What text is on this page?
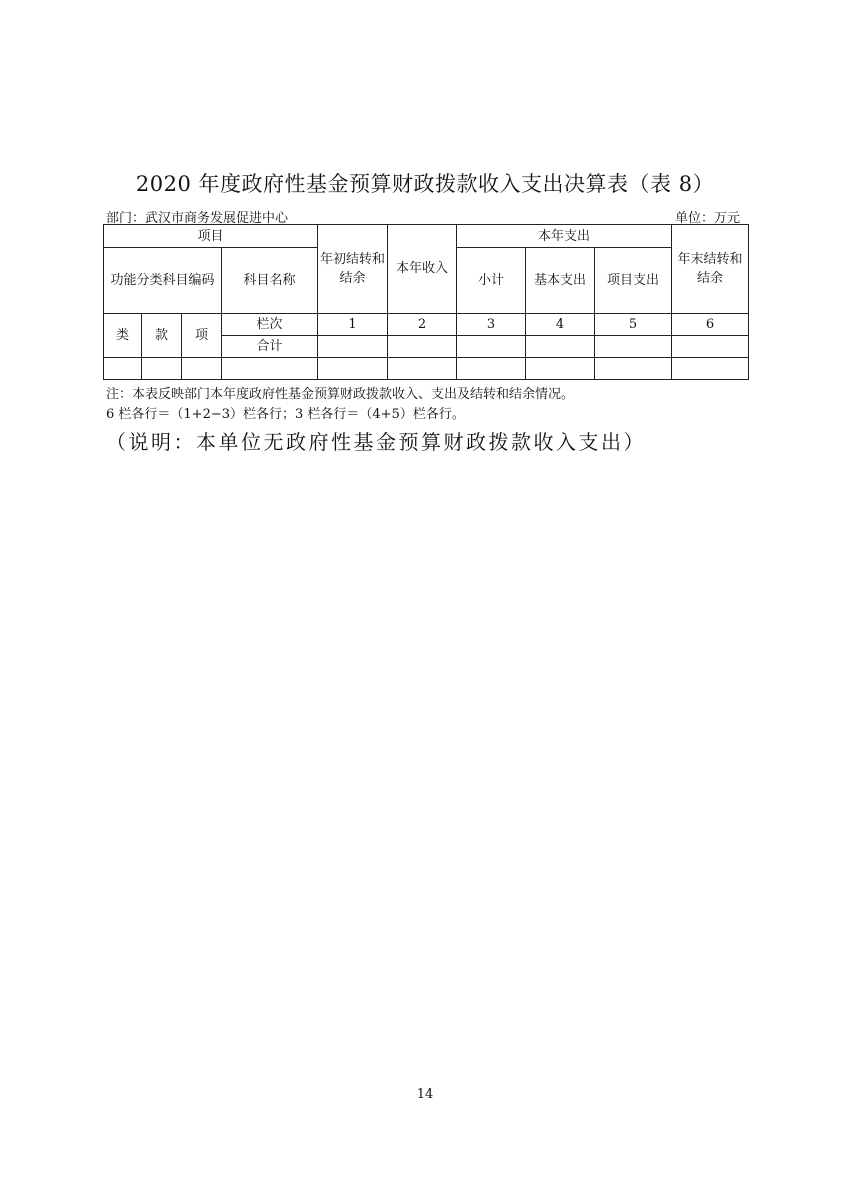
2020 年度政府性基金预算财政拨款收入支出决算表（表 8）
部门：武汉市商务发展促进中心	单位：万元
项目				年初结转和结余	本年收入	本年支出			年末结转和结余
功能分类科目编码			科目名称			小计	基本支出	项目支出	
类	款	项	栏次	1	2	3	4	5	6
			合计						

注：本表反映部门本年度政府性基金预算财政拨款收入、支出及结转和结余情况。
6 栏各行＝（1+2−3）栏各行；3 栏各行＝（4+5）栏各行。
（说明：本单位无政府性基金预算财政拨款收入支出）
14
